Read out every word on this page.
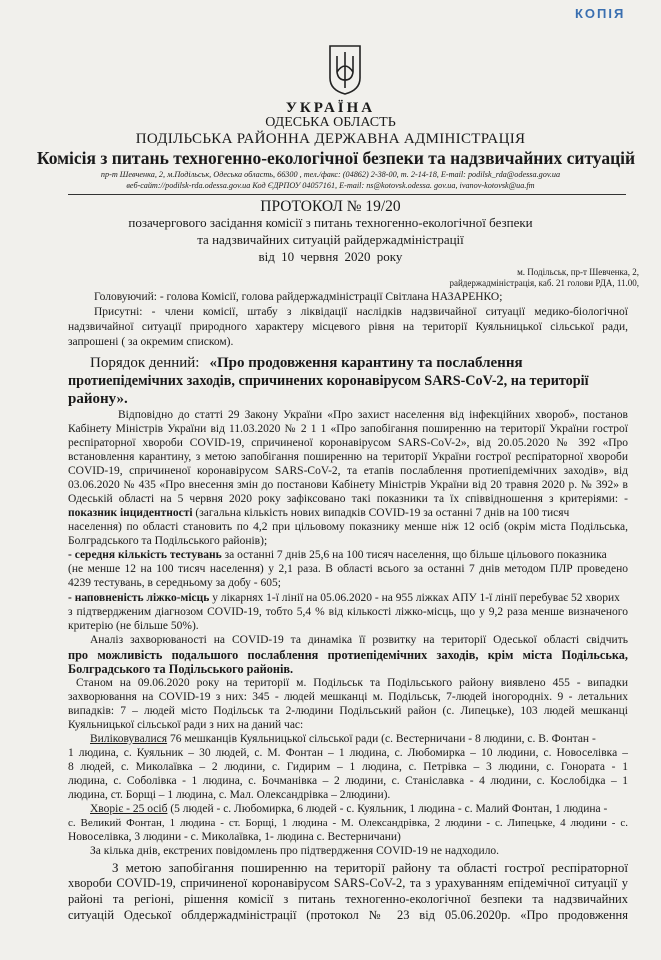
КОПІЯ
УКРАЇНА
ОДЕСЬКА ОБЛАСТЬ
ПОДІЛЬСЬКА РАЙОННА ДЕРЖАВНА АДМІНІСТРАЦІЯ
Комісія з питань техногенно-екологічної безпеки та надзвичайних ситуацій
пр-т Шевченка, 2, м.Подільськ, Одеська область, 66300 , тел./факс: (04862) 2-38-00, т. 2-14-18, E-mail: podilsk_rda@odessa.gov.ua
веб-сайт://podilsk-rda.odessa.gov.ua Код ЄДРПОУ 04057161, E-mail: ns@kotovsk.odessa. gov.ua, ivanov-kotovsk@ua.fm
ПРОТОКОЛ № 19/20
позачергового засідання комісії з питань техногенно-екологічної безпеки
та надзвичайних ситуацій райдержадміністрації
від 10 червня 2020 року
м. Подільськ, пр-т Шевченка, 2,
райдержадміністрація, каб. 21 голови РДА, 11.00,
Головуючий: - голова Комісії, голова райдержадміністрації Світлана НАЗАРЕНКО;
Присутні: - члени комісії, штабу з ліквідації наслідків надзвичайної ситуації медико-біологічної
надзвичайної ситуації природного характеру місцевого рівня на території Куяльницької сільської ради,
запрошені ( за окремим списком).
Порядок денний: «Про продовження карантину та послаблення
протиепідемічних заходів, спричинених коронавірусом SARS-CoV-2, на території
району».
Відповідно до статті 29 Закону України «Про захист населення від інфекційних хвороб», постанов
Кабінету Міністрів України від 11.03.2020 № 2 1 1 «Про запобігання поширенню на території України гострої
респіраторної хвороби COVID-19, спричиненої коронавірусом SARS-CoV-2», від 20.05.2020 № 392 «Про
встановлення карантину, з метою запобігання поширенню на території України гострої респіраторної хвороби
COVID-19, спричиненої коронавірусом SARS-CoV-2, та етапів послаблення протиепідемічних заходів», від
03.06.2020 № 435 «Про внесення змін до постанови Кабінету Міністрів України від 20 травня 2020 р. № 392» в
Одеській області на 5 червня 2020 року зафіксовано такі показники та їх співвідношення з критеріями: -
показник інцидентності (загальна кількість нових випадків COVID-19 за останні 7 днів на 100 тисяч
населення) по області становить по 4,2 при цільовому показнику менше ніж 12 осіб (окрім міста Подільська,
Болградського та Подільського районів);
- середня кількість тестувань за останні 7 днів 25,6 на 100 тисяч населення, що більше цільового показника
(не менше 12 на 100 тисяч населення) у 2,1 раза. В області всього за останні 7 днів методом ПЛР проведено
4239 тестувань, в середньому за добу - 605;
- наповненість ліжко-місць у лікарнях 1-ї лінії на 05.06.2020 - на 955 ліжках АПУ 1-ї лінії перебуває 52 хворих
з підтвердженим діагнозом COVID-19, тобто 5,4 % від кількості ліжко-місць, що у 9,2 раза менше визначеного
критерію (не більше 50%).
Аналіз захворюваності на COVID-19 та динаміка її розвитку на території Одеської області свідчить
про можливість подальшого послаблення протиепідемічних заходів, крім міста Подільська,
Болградського та Подільського районів.
Станом на 09.06.2020 року на території м. Подільськ та Подільського району виявлено 455 - випадки
захворювання на COVID-19 з них: 345 - людей мешканці м. Подільськ, 7-людей іногородніх. 9 - летальних
випадків: 7 – людей місто Подільськ та 2-людини Подільський район (с. Липецьке), 103 людей мешканці
Куяльницької сільської ради з них на даний час:
Виліковувалися 76 мешканців Куяльницької сільської ради (с. Вестерничани - 8 людини, с. В. Фонтан -
1 людина, с. Куяльник – 30 людей, с. М. Фонтан – 1 людина, с. Любомирка – 10 людини, с. Новоселівка –
8 людей, с. Миколаївка – 2 людини, с. Гидирим – 1 людина, с. Петрівка – 3 людини, с. Гонората - 1
людина, с. Соболівка - 1 людина, с. Бочманівка – 2 людини, с. Станіславка - 4 людини, с. Кослобідка – 1
людина, ст. Борщі – 1 людина, с. Мал. Олександрівка – 2людини).
Хворіє - 25 осіб (5 людей - с. Любомирка, 6 людей - с. Куяльник, 1 людина - с. Малий Фонтан, 1 людина -
с. Великий Фонтан, 1 людина - ст. Борщі, 1 людина - М. Олександрівка, 2 людини - с. Липецьке, 4 людини - с.
Новоселівка, 3 людини - с. Миколаївка, 1- людина с. Вестерничани)
За кілька днів, екстрених повідомлень про підтвердження COVID-19 не надходило.
З метою запобігання поширенню на території району та області гострої респіраторної
хвороби COVID-19, спричиненої коронавірусом SARS-CoV-2, та з урахуванням епідемічної ситуації у
районі та регіоні, рішення комісії з питань техногенно-екологічної безпеки та надзвичайних
ситуацій Одеської облдержадміністрації (протокол № 23 від 05.06.2020р. «Про продовження
